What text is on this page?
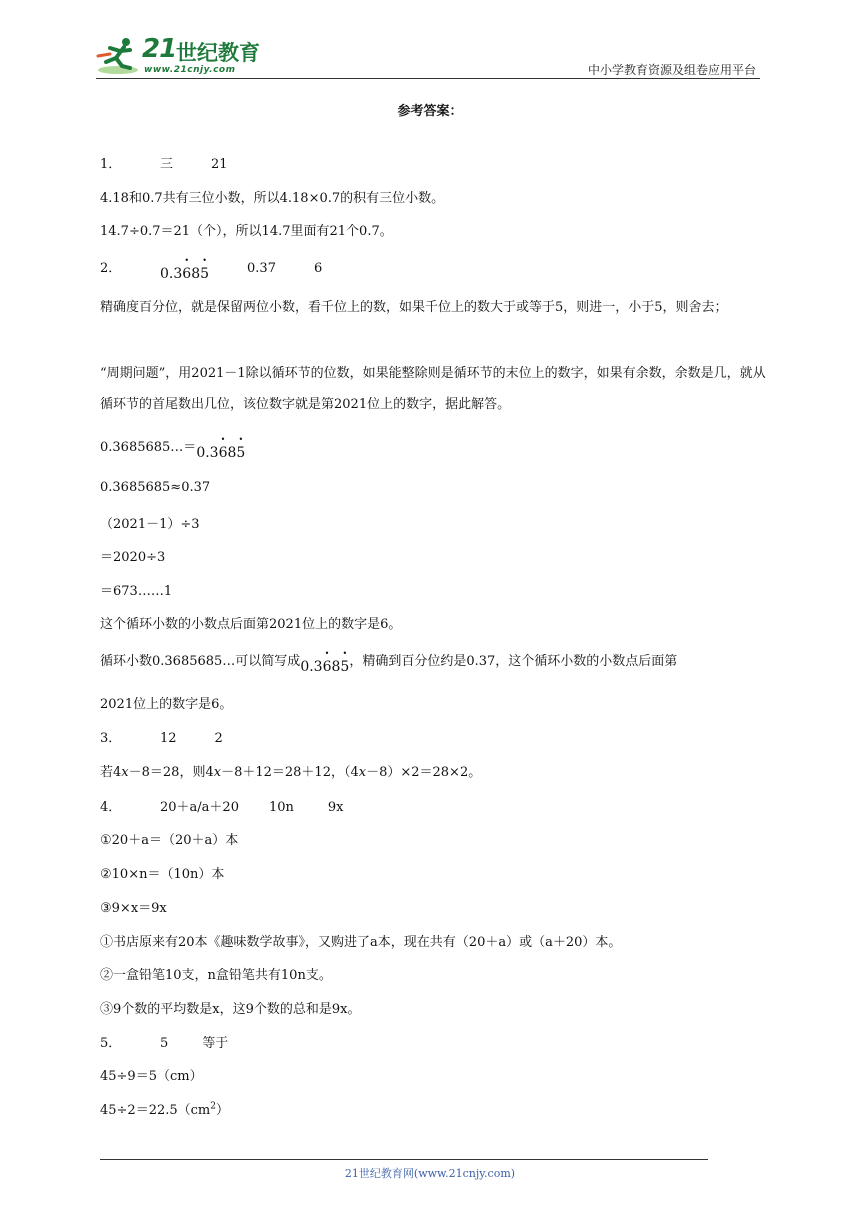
21 世纪教育
www.21cnjy.com	中小学教育资源及组卷应用平台
参考答案：
1．	三	21
4.18和0.7共有三位小数，所以4.18×0.7的积有三位小数。
14.7÷0.7＝21（个），所以14.7里面有21个0.7。
2．	0.3• 68• 5	0.37	6
精确度百分位，就是保留两位小数，看千位上的数，如果千位上的数大于或等于5，则进一，小于5，则舍去；
“周期问题”，用2021－1除以循环节的位数，如果能整除则是循环节的末位上的数字，如果有余数，余数是几，就从循环节的首尾数出几位，该位数字就是第2021位上的数字，据此解答。
0.3685685…＝0.3• 68• 5
0.3685685≈0.37
（2021－1）÷3
＝2020÷3
＝673……1
这个循环小数的小数点后面第2021位上的数字是6。
循环小数0.3685685…可以简写成0.3• 68• 5，精确到百分位约是0.37，这个循环小数的小数点后面第
2021位上的数字是6。
3．	12	2
若4x－8＝28，则4x－8＋12＝28＋12，（4x－8）×2＝28×2。
4．	20＋a/a＋20 10n	9x
①20＋a＝（20＋a）本
②10×n＝（10n）本
③9×x＝9x
①书店原来有20本《趣味数学故事》，又购进了a本，现在共有（20＋a）或（a＋20）本。
②一盒铅笔10支，n盒铅笔共有10n支。
③9个数的平均数是x，这9个数的总和是9x。
5．	5	等于
45÷9＝5（cm）
$45\div 2=22.5(cm^2)$
21世纪教育网(www.21cnjy.com)
